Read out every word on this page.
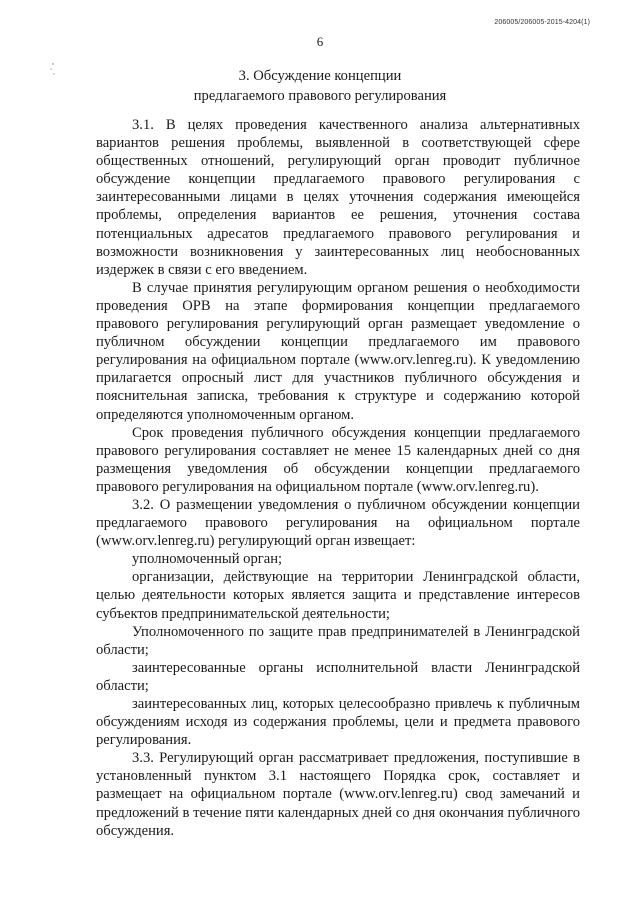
206005/206005-2015-4204(1)
6
3. Обсуждение концепции
предлагаемого правового регулирования

3.1. В целях проведения качественного анализа альтернативных вариантов решения проблемы, выявленной в соответствующей сфере общественных отношений, регулирующий орган проводит публичное обсуждение концепции предлагаемого правового регулирования с заинтересованными лицами в целях уточнения содержания имеющейся проблемы, определения вариантов ее решения, уточнения состава потенциальных адресатов предлагаемого правового регулирования и возможности возникновения у заинтересованных лиц необоснованных издержек в связи с его введением.

В случае принятия регулирующим органом решения о необходимости проведения ОРВ на этапе формирования концепции предлагаемого правового регулирования регулирующий орган размещает уведомление о публичном обсуждении концепции предлагаемого им правового регулирования на официальном портале (www.orv.lenreg.ru). К уведомлению прилагается опросный лист для участников публичного обсуждения и пояснительная записка, требования к структуре и содержанию которой определяются уполномоченным органом.

Срок проведения публичного обсуждения концепции предлагаемого правового регулирования составляет не менее 15 календарных дней со дня размещения уведомления об обсуждении концепции предлагаемого правового регулирования на официальном портале (www.orv.lenreg.ru).

3.2. О размещении уведомления о публичном обсуждении концепции предлагаемого правового регулирования на официальном портале (www.orv.lenreg.ru) регулирующий орган извещает:

уполномоченный орган;

организации, действующие на территории Ленинградской области, целью деятельности которых является защита и представление интересов субъектов предпринимательской деятельности;

Уполномоченного по защите прав предпринимателей в Ленинградской области;

заинтересованные органы исполнительной власти Ленинградской области;

заинтересованных лиц, которых целесообразно привлечь к публичным обсуждениям исходя из содержания проблемы, цели и предмета правового регулирования.

3.3. Регулирующий орган рассматривает предложения, поступившие в установленный пунктом 3.1 настоящего Порядка срок, составляет и размещает на официальном портале (www.orv.lenreg.ru) свод замечаний и предложений в течение пяти календарных дней со дня окончания публичного обсуждения.
